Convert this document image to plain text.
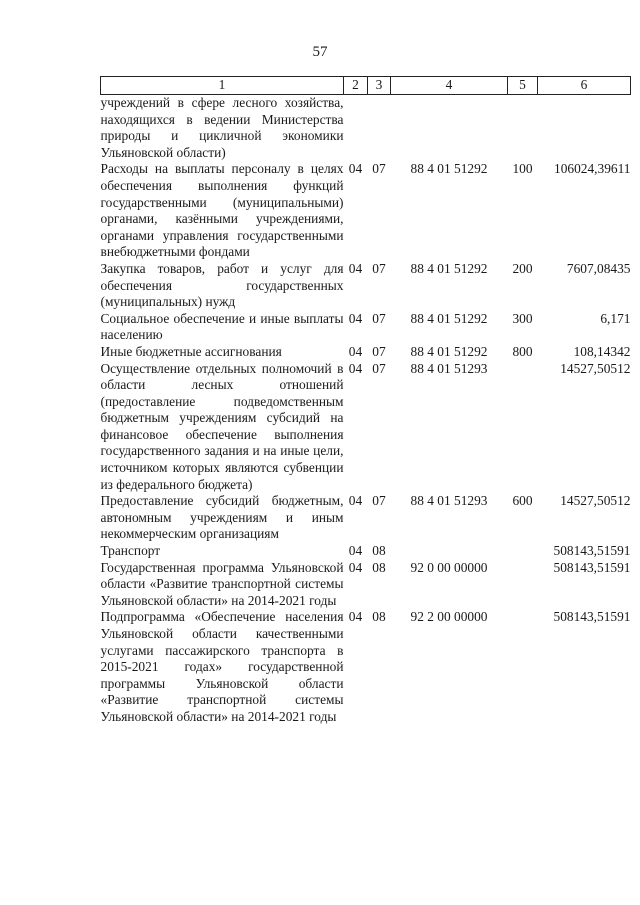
57
1	2	3	4	5	6
учреждений в сфере лесного хозяйства, находящихся в ведении Министерства природы и цикличной экономики Ульяновской области)					
Расходы на выплаты персоналу в целях обеспечения выполнения функций государственными (муниципальными) органами, казёнными учреждениями, органами управления государственными внебюджетными фондами	04	07	88 4 01 51292	100	106024,39611
Закупка товаров, работ и услуг для обеспечения государственных (муниципальных) нужд	04	07	88 4 01 51292	200	7607,08435
Социальное обеспечение и иные выплаты населению	04	07	88 4 01 51292	300	6,171
Иные бюджетные ассигнования	04	07	88 4 01 51292	800	108,14342
Осуществление отдельных полномочий в области лесных отношений (предоставление подведомственным бюджетным учреждениям субсидий на финансовое обеспечение выполнения государственного задания и на иные цели, источником которых являются субвенции из федерального бюджета)	04	07	88 4 01 51293		14527,50512
Предоставление субсидий бюджетным, автономным учреждениям и иным некоммерческим организациям	04	07	88 4 01 51293	600	14527,50512
Транспорт	04	08			508143,51591
Государственная программа Ульяновской области «Развитие транспортной системы Ульяновской области» на 2014-2021 годы	04	08	92 0 00 00000		508143,51591
Подпрограмма «Обеспечение населения Ульяновской области качественными услугами пассажирского транспорта в 2015-2021 годах» государственной программы Ульяновской области «Развитие транспортной системы Ульяновской области» на 2014-2021 годы	04	08	92 2 00 00000		508143,51591
